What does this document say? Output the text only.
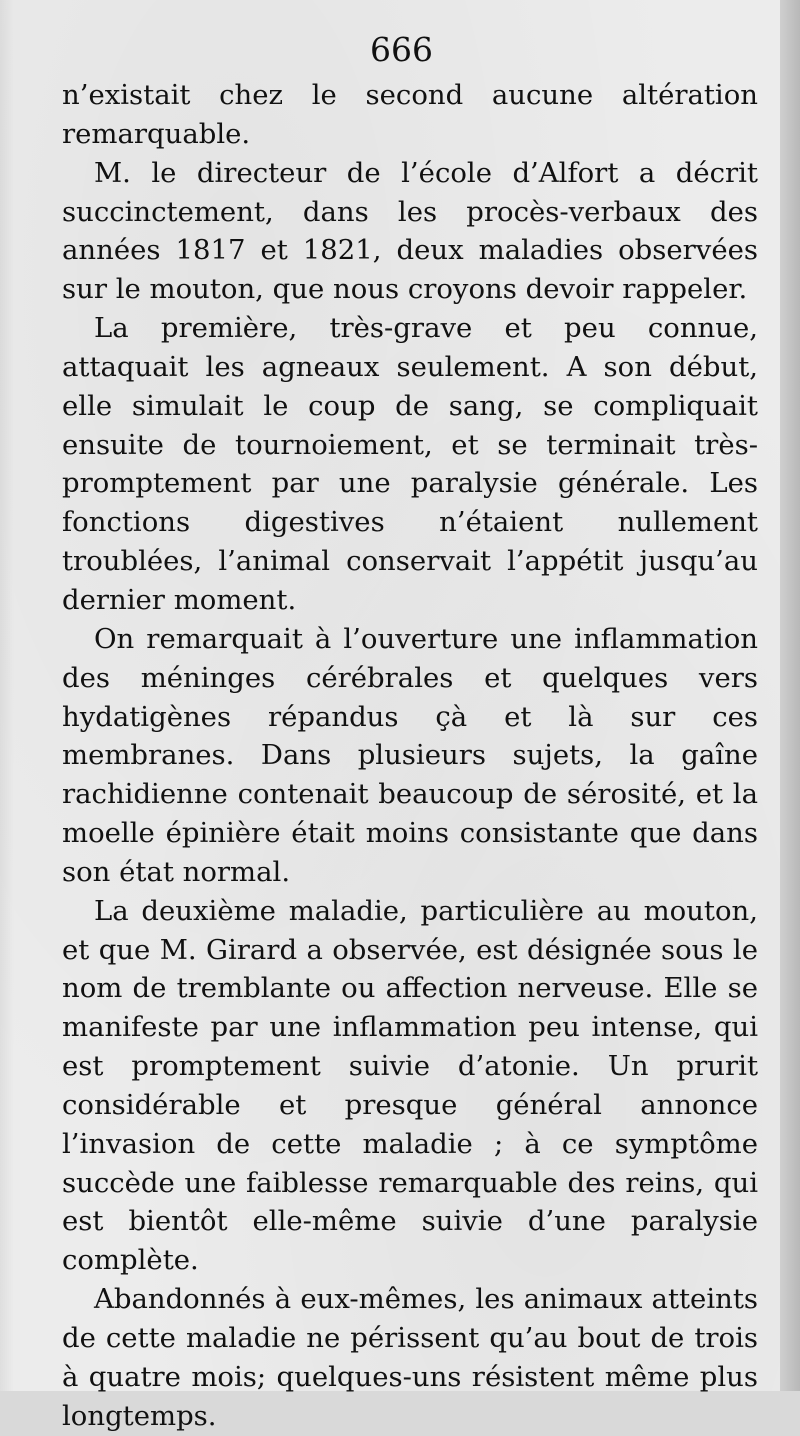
666

n’existait chez le second aucune altération remarquable.

M. le directeur de l’école d’Alfort a décrit succinctement, dans les procès-verbaux des années 1817 et 1821, deux maladies observées sur le mouton, que nous croyons devoir rappeler.

La première, très-grave et peu connue, attaquait les agneaux seulement. A son début, elle simulait le coup de sang, se compliquait ensuite de tournoiement, et se terminait très-promptement par une paralysie générale. Les fonctions digestives n’étaient nullement troublées, l’animal conservait l’appétit jusqu’au dernier moment.

On remarquait à l’ouverture une inflammation des méninges cérébrales et quelques vers hydatigènes répandus çà et là sur ces membranes. Dans plusieurs sujets, la gaîne rachidienne contenait beaucoup de sérosité, et la moelle épinière était moins consistante que dans son état normal.

La deuxième maladie, particulière au mouton, et que M. Girard a observée, est désignée sous le nom de tremblante ou affection nerveuse. Elle se manifeste par une inflammation peu intense, qui est promptement suivie d’atonie. Un prurit considérable et presque général annonce l’invasion de cette maladie ; à ce symptôme succède une faiblesse remarquable des reins, qui est bientôt elle-même suivie d’une paralysie complète.

Abandonnés à eux-mêmes, les animaux atteints de cette maladie ne périssent qu’au bout de trois à quatre mois; quelques-uns résistent même plus longtemps.
